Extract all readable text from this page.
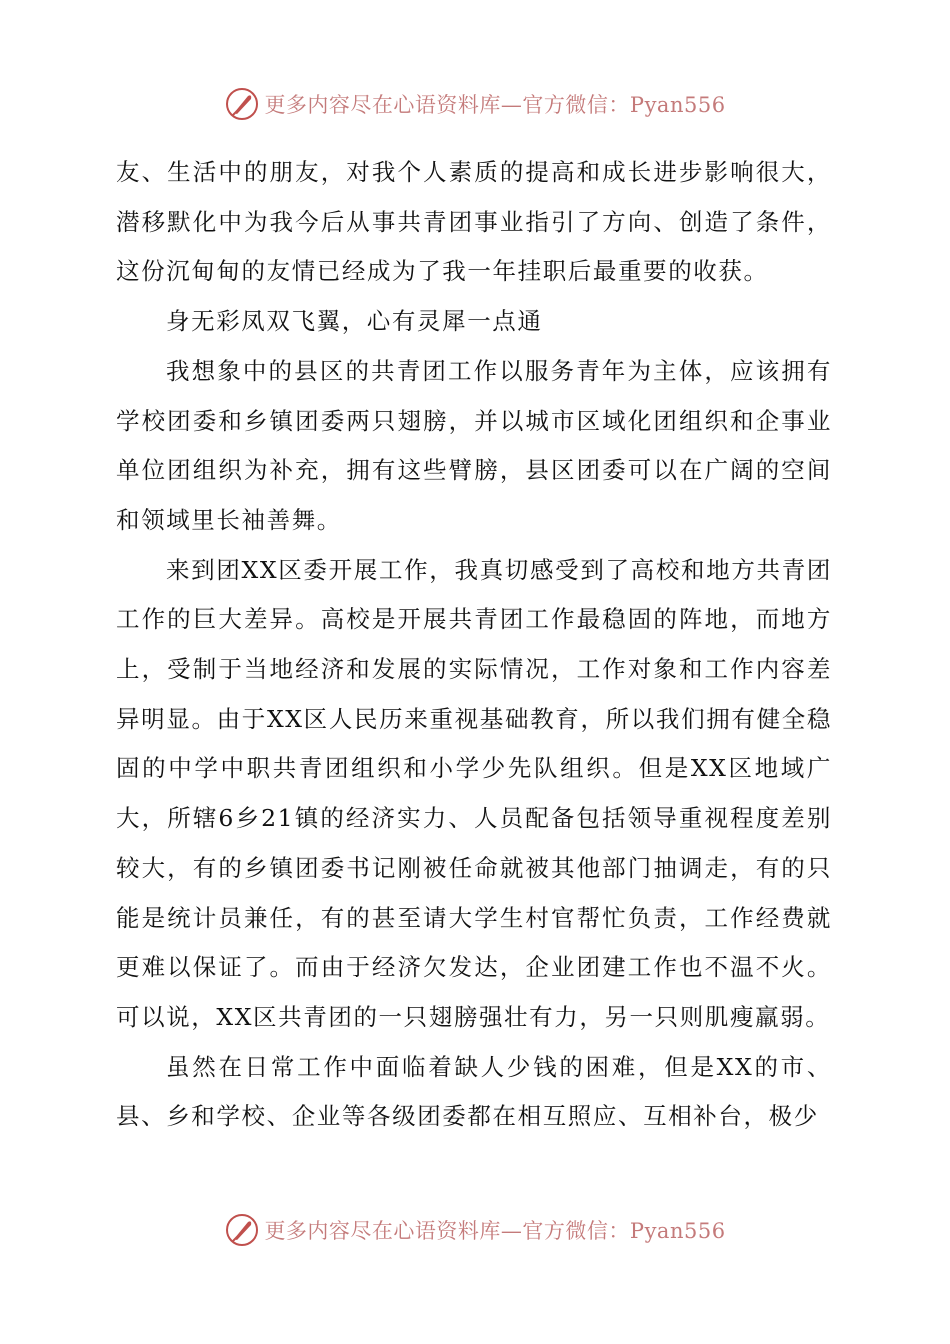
更多内容尽在心语资料库—官方微信：Pyan556

友、生活中的朋友，对我个人素质的提高和成长进步影响很大，潜移默化中为我今后从事共青团事业指引了方向、创造了条件，这份沉甸甸的友情已经成为了我一年挂职后最重要的收获。

身无彩凤双飞翼，心有灵犀一点通

我想象中的县区的共青团工作以服务青年为主体，应该拥有学校团委和乡镇团委两只翅膀，并以城市区域化团组织和企事业单位团组织为补充，拥有这些臂膀，县区团委可以在广阔的空间和领域里长袖善舞。

来到团XX区委开展工作，我真切感受到了高校和地方共青团工作的巨大差异。高校是开展共青团工作最稳固的阵地，而地方上，受制于当地经济和发展的实际情况，工作对象和工作内容差异明显。由于XX区人民历来重视基础教育，所以我们拥有健全稳固的中学中职共青团组织和小学少先队组织。但是XX区地域广大，所辖6乡21镇的经济实力、人员配备包括领导重视程度差别较大，有的乡镇团委书记刚被任命就被其他部门抽调走，有的只能是统计员兼任，有的甚至请大学生村官帮忙负责，工作经费就更难以保证了。而由于经济欠发达，企业团建工作也不温不火。可以说，XX区共青团的一只翅膀强壮有力，另一只则肌瘦羸弱。

虽然在日常工作中面临着缺人少钱的困难，但是XX的市、县、乡和学校、企业等各级团委都在相互照应、互相补台，极少

更多内容尽在心语资料库—官方微信：Pyan556
